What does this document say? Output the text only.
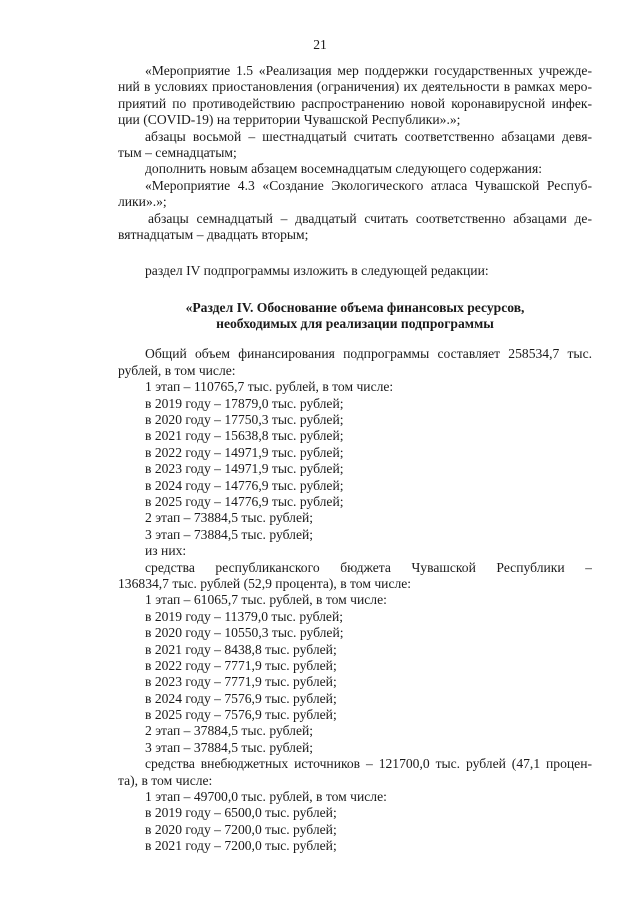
21
«Мероприятие 1.5 «Реализация мер поддержки государственных учрежде-
ний в условиях приостановления (ограничения) их деятельности в рамках меро-
приятий по противодействию распространению новой коронавирусной инфек-
ции (COVID-19) на территории Чувашской Республики».»;
абзацы восьмой – шестнадцатый считать соответственно абзацами девя-
тым – семнадцатым;
дополнить новым абзацем восемнадцатым следующего содержания:
«Мероприятие 4.3 «Создание Экологического атласа Чувашской Респуб-
лики».»;
абзацы семнадцатый – двадцатый считать соответственно абзацами де-
вятнадцатым – двадцать вторым;
раздел IV подпрограммы изложить в следующей редакции:
«Раздел IV. Обоснование объема финансовых ресурсов,
необходимых для реализации подпрограммы
Общий объем финансирования подпрограммы составляет 258534,7 тыс.
рублей, в том числе:
1 этап – 110765,7 тыс. рублей, в том числе:
в 2019 году – 17879,0 тыс. рублей;
в 2020 году – 17750,3 тыс. рублей;
в 2021 году – 15638,8 тыс. рублей;
в 2022 году – 14971,9 тыс. рублей;
в 2023 году – 14971,9 тыс. рублей;
в 2024 году – 14776,9 тыс. рублей;
в 2025 году – 14776,9 тыс. рублей;
2 этап – 73884,5 тыс. рублей;
3 этап – 73884,5 тыс. рублей;
из них:
средства республиканского бюджета Чувашской Республики –
136834,7 тыс. рублей (52,9 процента), в том числе:
1 этап – 61065,7 тыс. рублей, в том числе:
в 2019 году – 11379,0 тыс. рублей;
в 2020 году – 10550,3 тыс. рублей;
в 2021 году – 8438,8 тыс. рублей;
в 2022 году – 7771,9 тыс. рублей;
в 2023 году – 7771,9 тыс. рублей;
в 2024 году – 7576,9 тыс. рублей;
в 2025 году – 7576,9 тыс. рублей;
2 этап – 37884,5 тыс. рублей;
3 этап – 37884,5 тыс. рублей;
средства внебюджетных источников – 121700,0 тыс. рублей (47,1 процен-
та), в том числе:
1 этап – 49700,0 тыс. рублей, в том числе:
в 2019 году – 6500,0 тыс. рублей;
в 2020 году – 7200,0 тыс. рублей;
в 2021 году – 7200,0 тыс. рублей;
